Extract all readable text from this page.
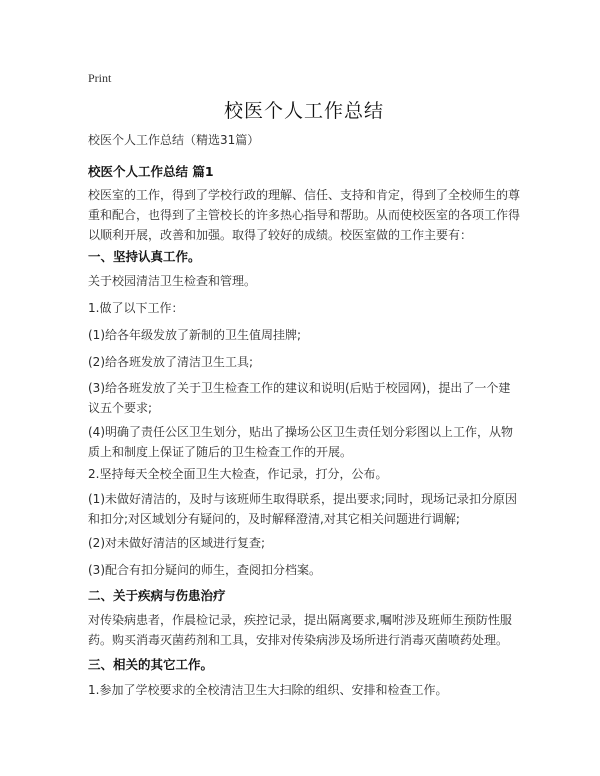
Print
校医个人工作总结

校医个人工作总结（精选31篇）

校医个人工作总结 篇1

校医室的工作，得到了学校行政的理解、信任、支持和肯定，得到了全校师生的尊重和配合，也得到了主管校长的许多热心指导和帮助。从而使校医室的各项工作得以顺利开展，改善和加强。取得了较好的成绩。校医室做的工作主要有：

一、坚持认真工作。

关于校园清洁卫生检查和管理。

1.做了以下工作：

(1)给各年级发放了新制的卫生值周挂牌;

(2)给各班发放了清洁卫生工具;

(3)给各班发放了关于卫生检查工作的建议和说明(后贴于校园网)，提出了一个建议五个要求;

(4)明确了责任公区卫生划分，贴出了操场公区卫生责任划分彩图以上工作，从物质上和制度上保证了随后的卫生检查工作的开展。

2.坚持每天全校全面卫生大检查，作记录，打分，公布。

(1)未做好清洁的，及时与该班师生取得联系，提出要求;同时，现场记录扣分原因和扣分;对区域划分有疑问的，及时解释澄清,对其它相关问题进行调解;

(2)对未做好清洁的区域进行复查;

(3)配合有扣分疑问的师生，查阅扣分档案。

二、关于疾病与伤患治疗

对传染病患者，作晨检记录，疾控记录，提出隔离要求,嘱咐涉及班师生预防性服药。购买消毒灭菌药剂和工具，安排对传染病涉及场所进行消毒灭菌喷药处理。

三、相关的其它工作。

1.参加了学校要求的全校清洁卫生大扫除的组织、安排和检查工作。
